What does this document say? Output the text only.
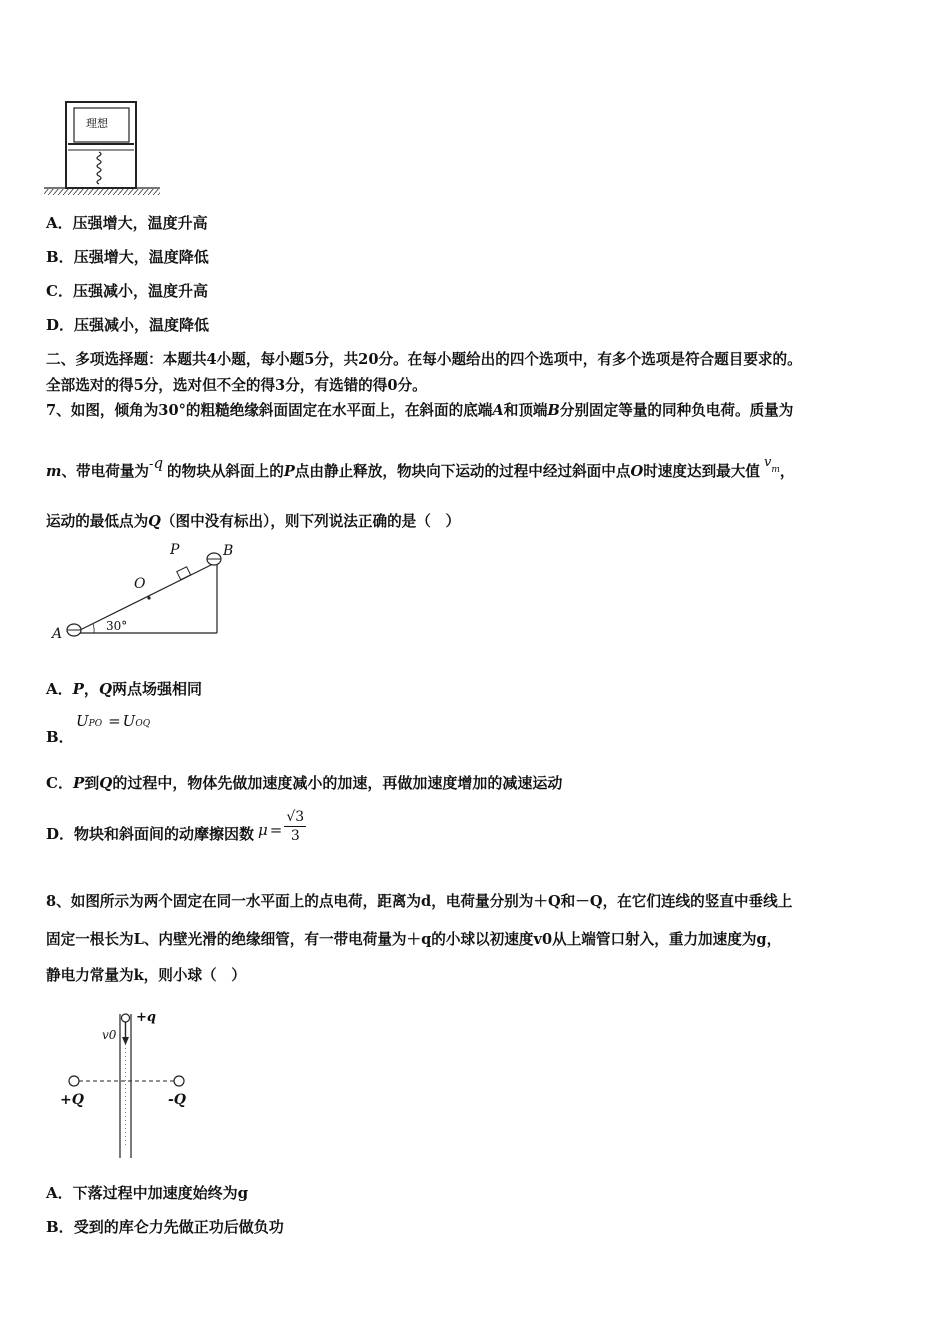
理想
A．压强增大，温度升高
B．压强增大，温度降低
C．压强减小，温度升高
D．压强减小，温度降低
二、多项选择题：本题共4小题，每小题5分，共20分。在每小题给出的四个选项中，有多个选项是符合题目要求的。
全部选对的得5分，选对但不全的得3分，有选错的得0分。
7、如图，倾角为30°的粗糙绝缘斜面固定在水平面上，在斜面的底端A和顶端B分别固定等量的同种负电荷。质量为
m、带电荷量为-q 的物块从斜面上的P点由静止释放，物块向下运动的过程中经过斜面中点O时速度达到最大值$v^m$，
运动的最低点为Q（图中没有标出），则下列说法正确的是（　）
P	B
O
A	30°
A．P，Q两点场强相同
B．
UPO = UOQ
C．P到Q的过程中，物体先做加速度减小的加速，再做加速度增加的减速运动
D．物块和斜面间的动摩擦因数 $\mu = \frac{√3}{3}$
8、如图所示为两个固定在同一水平面上的点电荷，距离为d，电荷量分别为＋Q和－Q，在它们连线的竖直中垂线上
固定一根长为L、内壁光滑的绝缘细管，有一带电荷量为＋q的小球以初速度v0从上端管口射入，重力加速度为g，
静电力常量为k，则小球（　）
+q
v0
+Q	-Q
A．下落过程中加速度始终为g
B．受到的库仑力先做正功后做负功
